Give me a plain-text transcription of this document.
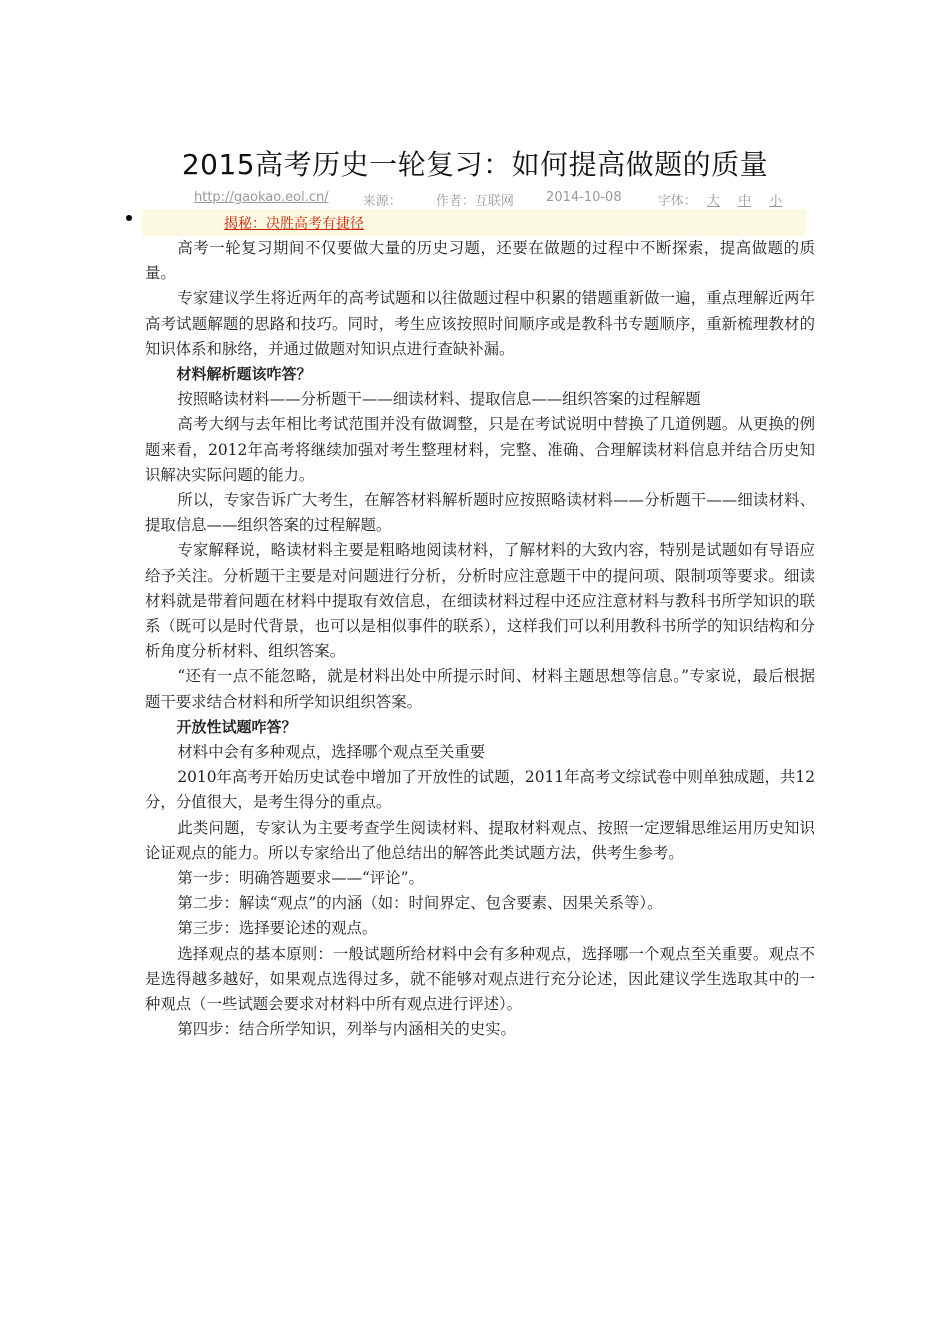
2015高考历史一轮复习：如何提高做题的质量
http://gaokao.eol.cn/	来源：	作者：互联网 2014-10-08	字体： 大 中 小
揭秘：决胜高考有捷径

高考一轮复习期间不仅要做大量的历史习题，还要在做题的过程中不断探索，提高做题的质量。

专家建议学生将近两年的高考试题和以往做题过程中积累的错题重新做一遍，重点理解近两年高考试题解题的思路和技巧。同时，考生应该按照时间顺序或是教科书专题顺序，重新梳理教材的知识体系和脉络，并通过做题对知识点进行查缺补漏。

材料解析题该咋答？

按照略读材料——分析题干——细读材料、提取信息——组织答案的过程解题

高考大纲与去年相比考试范围并没有做调整，只是在考试说明中替换了几道例题。从更换的例题来看，2012年高考将继续加强对考生整理材料，完整、准确、合理解读材料信息并结合历史知识解决实际问题的能力。

所以，专家告诉广大考生，在解答材料解析题时应按照略读材料——分析题干——细读材料、提取信息——组织答案的过程解题。

专家解释说，略读材料主要是粗略地阅读材料，了解材料的大致内容，特别是试题如有导语应给予关注。分析题干主要是对问题进行分析，分析时应注意题干中的提问项、限制项等要求。细读材料就是带着问题在材料中提取有效信息，在细读材料过程中还应注意材料与教科书所学知识的联系（既可以是时代背景，也可以是相似事件的联系），这样我们可以利用教科书所学的知识结构和分析角度分析材料、组织答案。

“还有一点不能忽略，就是材料出处中所提示时间、材料主题思想等信息。”专家说，最后根据题干要求结合材料和所学知识组织答案。

开放性试题咋答？

材料中会有多种观点，选择哪个观点至关重要

2010年高考开始历史试卷中增加了开放性的试题，2011年高考文综试卷中则单独成题，共12分，分值很大，是考生得分的重点。

此类问题，专家认为主要考查学生阅读材料、提取材料观点、按照一定逻辑思维运用历史知识论证观点的能力。所以专家给出了他总结出的解答此类试题方法，供考生参考。

第一步：明确答题要求——“评论”。

第二步：解读“观点”的内涵（如：时间界定、包含要素、因果关系等）。

第三步：选择要论述的观点。

选择观点的基本原则：一般试题所给材料中会有多种观点，选择哪一个观点至关重要。观点不是选得越多越好，如果观点选得过多，就不能够对观点进行充分论述，因此建议学生选取其中的一种观点（一些试题会要求对材料中所有观点进行评述）。

第四步：结合所学知识，列举与内涵相关的史实。
